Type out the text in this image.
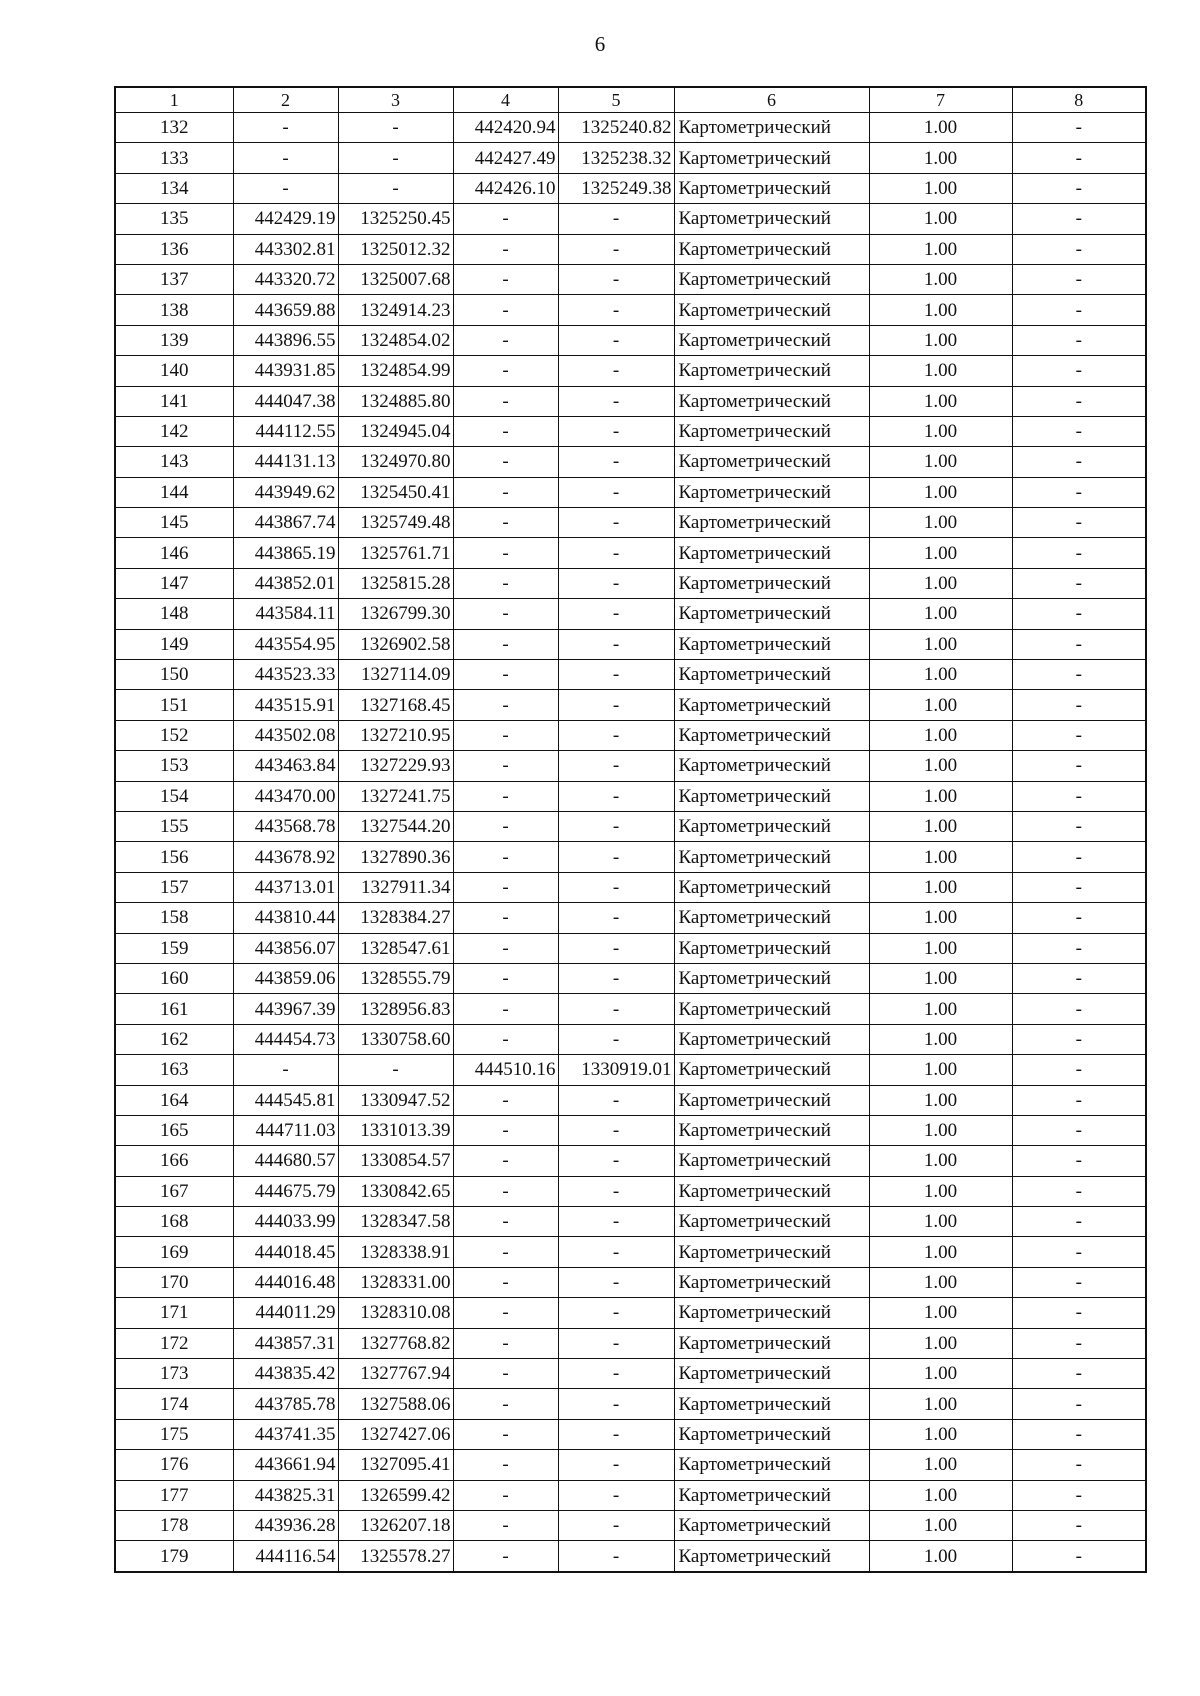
6
1	2	3	4	5	6	7	8
132	-	-	442420.94	1325240.82	Картометрический	1.00	-
133	-	-	442427.49	1325238.32	Картометрический	1.00	-
134	-	-	442426.10	1325249.38	Картометрический	1.00	-
135	442429.19	1325250.45	-	-	Картометрический	1.00	-
136	443302.81	1325012.32	-	-	Картометрический	1.00	-
137	443320.72	1325007.68	-	-	Картометрический	1.00	-
138	443659.88	1324914.23	-	-	Картометрический	1.00	-
139	443896.55	1324854.02	-	-	Картометрический	1.00	-
140	443931.85	1324854.99	-	-	Картометрический	1.00	-
141	444047.38	1324885.80	-	-	Картометрический	1.00	-
142	444112.55	1324945.04	-	-	Картометрический	1.00	-
143	444131.13	1324970.80	-	-	Картометрический	1.00	-
144	443949.62	1325450.41	-	-	Картометрический	1.00	-
145	443867.74	1325749.48	-	-	Картометрический	1.00	-
146	443865.19	1325761.71	-	-	Картометрический	1.00	-
147	443852.01	1325815.28	-	-	Картометрический	1.00	-
148	443584.11	1326799.30	-	-	Картометрический	1.00	-
149	443554.95	1326902.58	-	-	Картометрический	1.00	-
150	443523.33	1327114.09	-	-	Картометрический	1.00	-
151	443515.91	1327168.45	-	-	Картометрический	1.00	-
152	443502.08	1327210.95	-	-	Картометрический	1.00	-
153	443463.84	1327229.93	-	-	Картометрический	1.00	-
154	443470.00	1327241.75	-	-	Картометрический	1.00	-
155	443568.78	1327544.20	-	-	Картометрический	1.00	-
156	443678.92	1327890.36	-	-	Картометрический	1.00	-
157	443713.01	1327911.34	-	-	Картометрический	1.00	-
158	443810.44	1328384.27	-	-	Картометрический	1.00	-
159	443856.07	1328547.61	-	-	Картометрический	1.00	-
160	443859.06	1328555.79	-	-	Картометрический	1.00	-
161	443967.39	1328956.83	-	-	Картометрический	1.00	-
162	444454.73	1330758.60	-	-	Картометрический	1.00	-
163	-	-	444510.16	1330919.01	Картометрический	1.00	-
164	444545.81	1330947.52	-	-	Картометрический	1.00	-
165	444711.03	1331013.39	-	-	Картометрический	1.00	-
166	444680.57	1330854.57	-	-	Картометрический	1.00	-
167	444675.79	1330842.65	-	-	Картометрический	1.00	-
168	444033.99	1328347.58	-	-	Картометрический	1.00	-
169	444018.45	1328338.91	-	-	Картометрический	1.00	-
170	444016.48	1328331.00	-	-	Картометрический	1.00	-
171	444011.29	1328310.08	-	-	Картометрический	1.00	-
172	443857.31	1327768.82	-	-	Картометрический	1.00	-
173	443835.42	1327767.94	-	-	Картометрический	1.00	-
174	443785.78	1327588.06	-	-	Картометрический	1.00	-
175	443741.35	1327427.06	-	-	Картометрический	1.00	-
176	443661.94	1327095.41	-	-	Картометрический	1.00	-
177	443825.31	1326599.42	-	-	Картометрический	1.00	-
178	443936.28	1326207.18	-	-	Картометрический	1.00	-
179	444116.54	1325578.27	-	-	Картометрический	1.00	-
